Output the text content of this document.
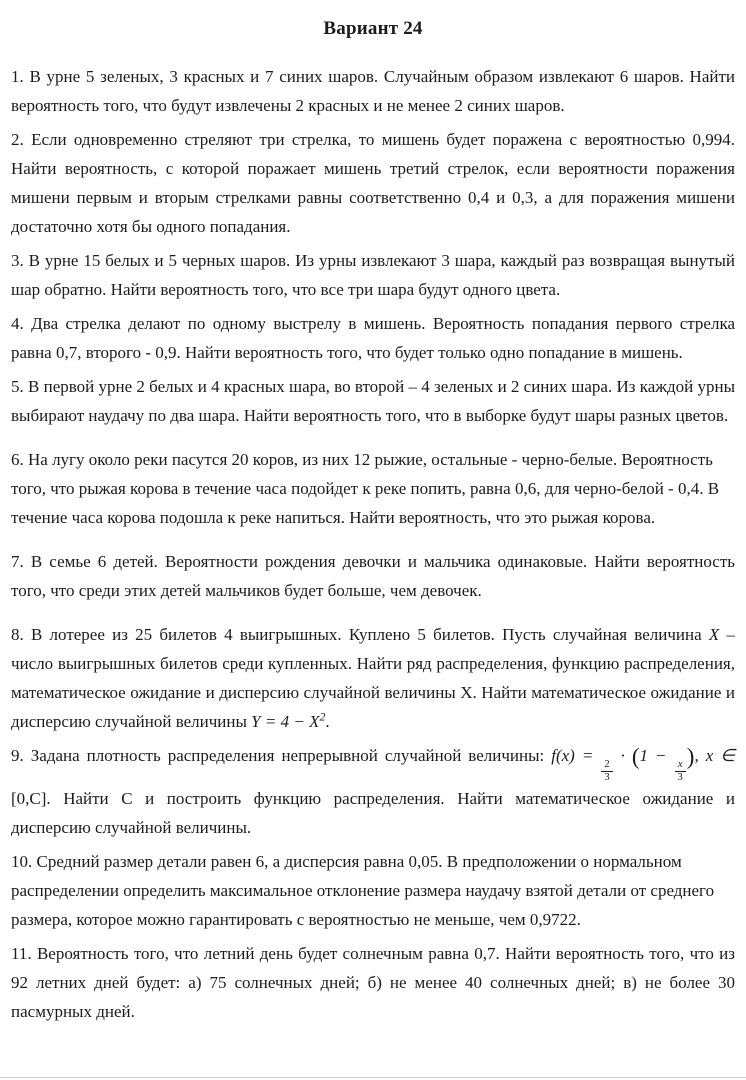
Вариант 24

1. В урне 5 зеленых, 3 красных и 7 синих шаров. Случайным образом извлекают 6 шаров. Найти вероятность того, что будут извлечены 2 красных и не менее 2 синих шаров.

2. Если одновременно стреляют три стрелка, то мишень будет поражена с вероятностью 0,994. Найти вероятность, с которой поражает мишень третий стрелок, если вероятности поражения мишени первым и вторым стрелками равны соответственно 0,4 и 0,3, а для поражения мишени достаточно хотя бы одного попадания.

3. В урне 15 белых и 5 черных шаров. Из урны извлекают 3 шара, каждый раз возвращая вынутый шар обратно. Найти вероятность того, что все три шара будут одного цвета.

4. Два стрелка делают по одному выстрелу в мишень. Вероятность попадания первого стрелка равна 0,7, второго - 0,9. Найти вероятность того, что будет только одно попадание в мишень.

5. В первой урне 2 белых и 4 красных шара, во второй – 4 зеленых и 2 синих шара. Из каждой урны выбирают наудачу по два шара. Найти вероятность того, что в выборке будут шары разных цветов.

6. На лугу около реки пасутся 20 коров, из них 12 рыжие, остальные - черно-белые. Вероятность того, что рыжая корова в течение часа подойдет к реке попить, равна 0,6, для черно-белой - 0,4. В течение часа корова подошла к реке напиться. Найти вероятность, что это рыжая корова.

7. В семье 6 детей. Вероятности рождения девочки и мальчика одинаковые. Найти вероятность того, что среди этих детей мальчиков будет больше, чем девочек.

8. В лотерее из 25 билетов 4 выигрышных. Куплено 5 билетов. Пусть случайная величина X – число выигрышных билетов среди купленных. Найти ряд распределения, функцию распределения, математическое ожидание и дисперсию случайной величины X. Найти математическое ожидание и дисперсию случайной величины $Y = 4 - X^2$.

9. Задана плотность распределения непрерывной случайной величины: f(x) =
$\frac{2}{3}$
· (1 −
$\frac{x}{3}$
), x ∈ [0,C]. Найти C и построить функцию распределения. Найти математическое ожидание и дисперсию случайной величины.

10. Средний размер детали равен 6, а дисперсия равна 0,05. В предположении о нормальном распределении определить максимальное отклонение размера наудачу взятой детали от среднего размера, которое можно гарантировать с вероятностью не меньше, чем 0,9722.

11. Вероятность того, что летний день будет солнечным равна 0,7. Найти вероятность того, что из 92 летних дней будет: а) 75 солнечных дней; б) не менее 40 солнечных дней; в) не более 30 пасмурных дней.
